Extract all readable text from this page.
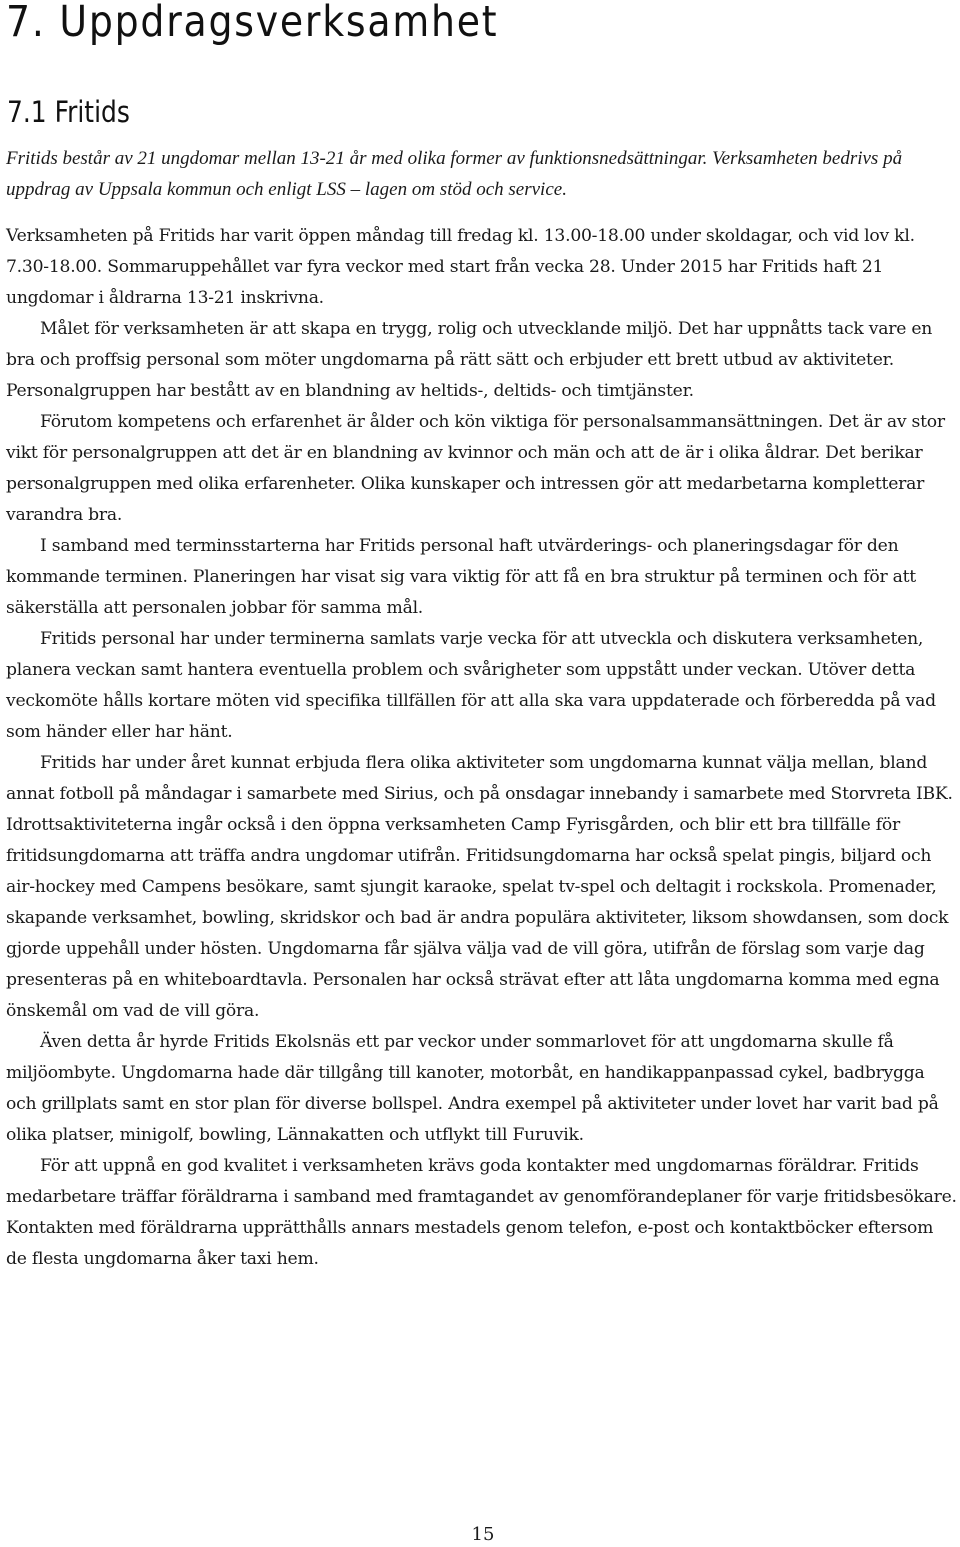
7. Uppdragsverksamhet
7.1 Fritids

Fritids består av 21 ungdomar mellan 13-21 år med olika former av funktionsnedsättningar. Verksamheten bedrivs på uppdrag av Uppsala kommun och enligt LSS – lagen om stöd och service.

Verksamheten på Fritids har varit öppen måndag till fredag kl. 13.00-18.00 under skoldagar, och vid lov kl. 7.30-18.00. Sommaruppehållet var fyra veckor med start från vecka 28. Under 2015 har Fritids haft 21 ungdomar i åldrarna 13-21 inskrivna.

Målet för verksamheten är att skapa en trygg, rolig och utvecklande miljö. Det har uppnåtts tack vare en bra och proffsig personal som möter ungdomarna på rätt sätt och erbjuder ett brett utbud av aktiviteter. Personalgruppen har bestått av en blandning av heltids-, deltids- och timtjänster.

Förutom kompetens och erfarenhet är ålder och kön viktiga för personalsammansättningen. Det är av stor vikt för personalgruppen att det är en blandning av kvinnor och män och att de är i olika åldrar. Det berikar personalgruppen med olika erfarenheter. Olika kunskaper och intressen gör att medarbetarna kompletterar varandra bra.

I samband med terminsstarterna har Fritids personal haft utvärderings- och planeringsdagar för den kommande terminen. Planeringen har visat sig vara viktig för att få en bra struktur på terminen och för att säkerställa att personalen jobbar för samma mål.

Fritids personal har under terminerna samlats varje vecka för att utveckla och diskutera verksamheten, planera veckan samt hantera eventuella problem och svårigheter som uppstått under veckan. Utöver detta veckomöte hålls kortare möten vid specifika tillfällen för att alla ska vara uppdaterade och förberedda på vad som händer eller har hänt.

Fritids har under året kunnat erbjuda flera olika aktiviteter som ungdomarna kunnat välja mellan, bland annat fotboll på måndagar i samarbete med Sirius, och på onsdagar innebandy i samarbete med Storvreta IBK. Idrottsaktiviteterna ingår också i den öppna verksamheten Camp Fyrisgården, och blir ett bra tillfälle för fritidsungdomarna att träffa andra ungdomar utifrån. Fritidsungdomarna har också spelat pingis, biljard och air-hockey med Campens besökare, samt sjungit karaoke, spelat tv-spel och deltagit i rockskola. Promenader, skapande verksamhet, bowling, skridskor och bad är andra populära aktiviteter, liksom showdansen, som dock gjorde uppehåll under hösten. Ungdomarna får själva välja vad de vill göra, utifrån de förslag som varje dag presenteras på en whiteboardtavla. Personalen har också strävat efter att låta ungdomarna komma med egna önskemål om vad de vill göra.

Även detta år hyrde Fritids Ekolsnäs ett par veckor under sommarlovet för att ungdomarna skulle få miljöombyte. Ungdomarna hade där tillgång till kanoter, motorbåt, en handikappanpassad cykel, badbrygga och grillplats samt en stor plan för diverse bollspel. Andra exempel på aktiviteter under lovet har varit bad på olika platser, minigolf, bowling, Lännakatten och utflykt till Furuvik.

För att uppnå en god kvalitet i verksamheten krävs goda kontakter med ungdomarnas föräldrar. Fritids medarbetare träffar föräldrarna i samband med framtagandet av genomförandeplaner för varje fritidsbesökare. Kontakten med föräldrarna upprätthålls annars mestadels genom telefon, e-post och kontaktböcker eftersom de flesta ungdomarna åker taxi hem.

15
